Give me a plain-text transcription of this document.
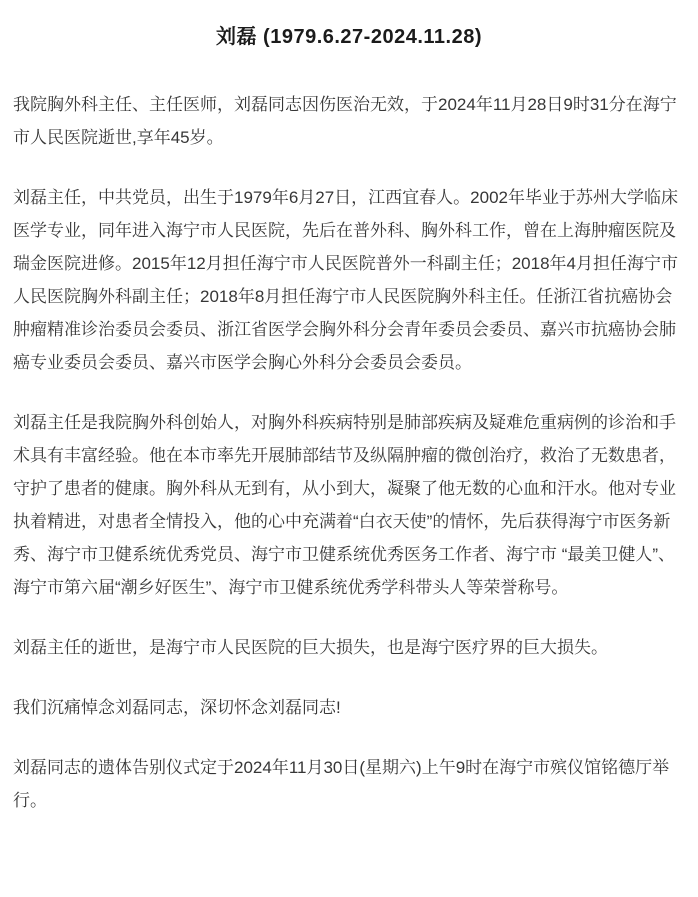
刘磊 (1979.6.27-2024.11.28)

我院胸外科主任、主任医师，刘磊同志因伤医治无效，于2024年11月28日9时31分在海宁市人民医院逝世,享年45岁。

刘磊主任，中共党员，出生于1979年6月27日，江西宜春人。2002年毕业于苏州大学临床医学专业，同年进入海宁市人民医院，先后在普外科、胸外科工作，曾在上海肿瘤医院及瑞金医院进修。2015年12月担任海宁市人民医院普外一科副主任；2018年4月担任海宁市人民医院胸外科副主任；2018年8月担任海宁市人民医院胸外科主任。任浙江省抗癌协会肿瘤精准诊治委员会委员、浙江省医学会胸外科分会青年委员会委员、嘉兴市抗癌协会肺癌专业委员会委员、嘉兴市医学会胸心外科分会委员会委员。

刘磊主任是我院胸外科创始人，对胸外科疾病特别是肺部疾病及疑难危重病例的诊治和手术具有丰富经验。他在本市率先开展肺部结节及纵隔肿瘤的微创治疗，救治了无数患者，守护了患者的健康。胸外科从无到有，从小到大，凝聚了他无数的心血和汗水。他对专业执着精进，对患者全情投入，他的心中充满着“白衣天使”的情怀，先后获得海宁市医务新秀、海宁市卫健系统优秀党员、海宁市卫健系统优秀医务工作者、海宁市 “最美卫健人”、海宁市第六届“潮乡好医生”、海宁市卫健系统优秀学科带头人等荣誉称号。

刘磊主任的逝世，是海宁市人民医院的巨大损失，也是海宁医疗界的巨大损失。

我们沉痛悼念刘磊同志，深切怀念刘磊同志!

刘磊同志的遗体告别仪式定于2024年11月30日(星期六)上午9时在海宁市殡仪馆铭德厅举行。
